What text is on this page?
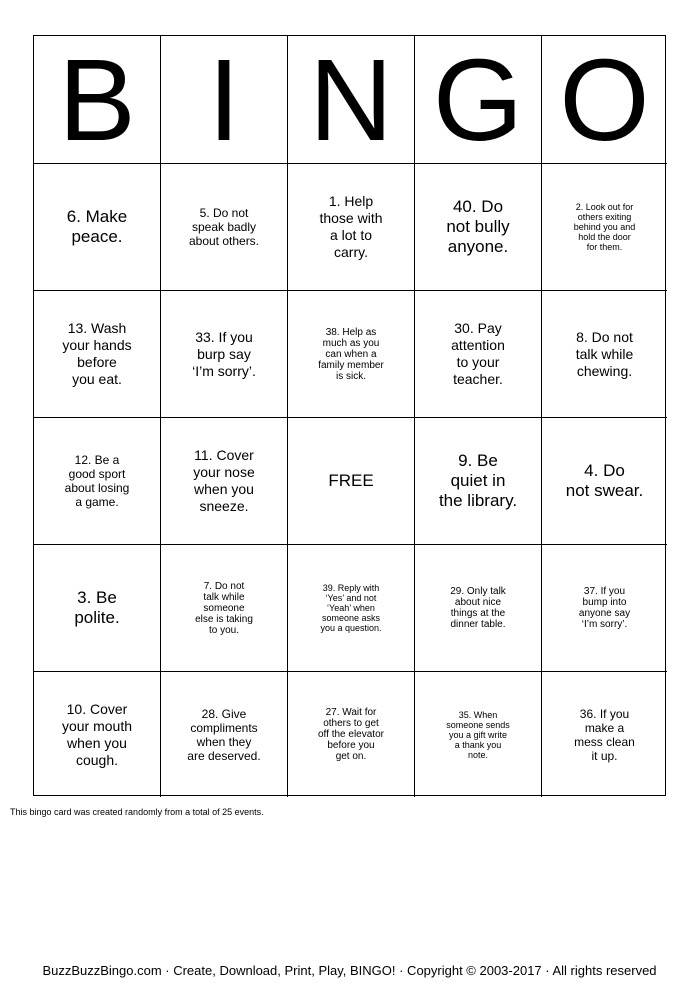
B I N G O
6. Make
peace.
5. Do not
speak badly
about others.
1. Help
those with
a lot to
carry.
40. Do
not bully
anyone.
2. Look out for
others exiting
behind you and
hold the door
for them.
13. Wash
your hands
before
you eat.
33. If you
burp say
‘I’m sorry’.
38. Help as
much as you
can when a
family member
is sick.
30. Pay
attention
to your
teacher.
8. Do not
talk while
chewing.
12. Be a
good sport
about losing
a game.
11. Cover
your nose
when you
sneeze.
FREE
9. Be
quiet in
the library.
4. Do
not swear.
3. Be
polite.
7. Do not
talk while
someone
else is taking
to you.
39. Reply with
‘Yes’ and not
‘Yeah’ when
someone asks
you a question.
29. Only talk
about nice
things at the
dinner table.
37. If you
bump into
anyone say
‘I’m sorry’.
10. Cover
your mouth
when you
cough.
28. Give
compliments
when they
are deserved.
27. Wait for
others to get
off the elevator
before you
get on.
35. When
someone sends
you a gift write
a thank you
note.
36. If you
make a
mess clean
it up.
This bingo card was created randomly from a total of 25 events.
BuzzBuzzBingo.com · Create, Download, Print, Play, BINGO! · Copyright © 2003-2017 · All rights reserved
